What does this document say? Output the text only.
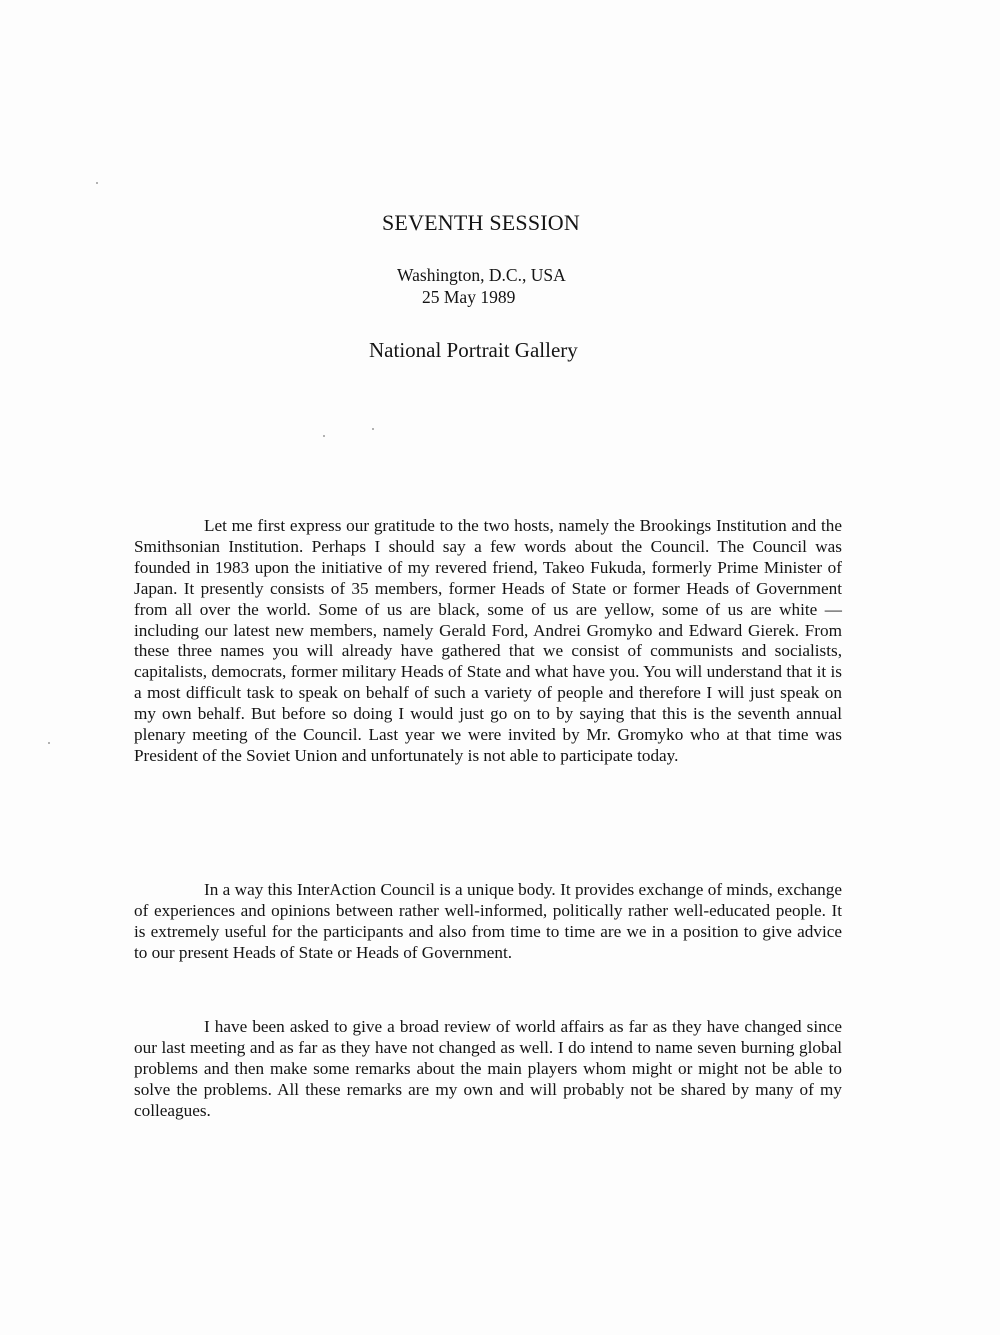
SEVENTH SESSION
Washington, D.C., USA
25 May 1989
National Portrait Gallery

Let me first express our gratitude to the two hosts, namely the Brookings Institution and the Smithsonian Institution. Perhaps I should say a few words about the Council. The Council was founded in 1983 upon the initiative of my revered friend, Takeo Fukuda, formerly Prime Minister of Japan. It presently consists of 35 members, former Heads of State or former Heads of Government from all over the world. Some of us are black, some of us are yellow, some of us are white — including our latest new members, namely Gerald Ford, Andrei Gromyko and Edward Gierek. From these three names you will already have gathered that we consist of communists and socialists, capitalists, democrats, former military Heads of State and what have you. You will understand that it is a most difficult task to speak on behalf of such a variety of people and therefore I will just speak on my own behalf. But before so doing I would just go on to by saying that this is the seventh annual plenary meeting of the Council. Last year we were invited by Mr. Gromyko who at that time was President of the Soviet Union and unfortunately is not able to participate today.

In a way this InterAction Council is a unique body. It provides exchange of minds, exchange of experiences and opinions between rather well-informed, politically rather well-educated people. It is extremely useful for the participants and also from time to time are we in a position to give advice to our present Heads of State or Heads of Government.

I have been asked to give a broad review of world affairs as far as they have changed since our last meeting and as far as they have not changed as well. I do intend to name seven burning global problems and then make some remarks about the main players whom might or might not be able to solve the problems. All these remarks are my own and will probably not be shared by many of my colleagues.
